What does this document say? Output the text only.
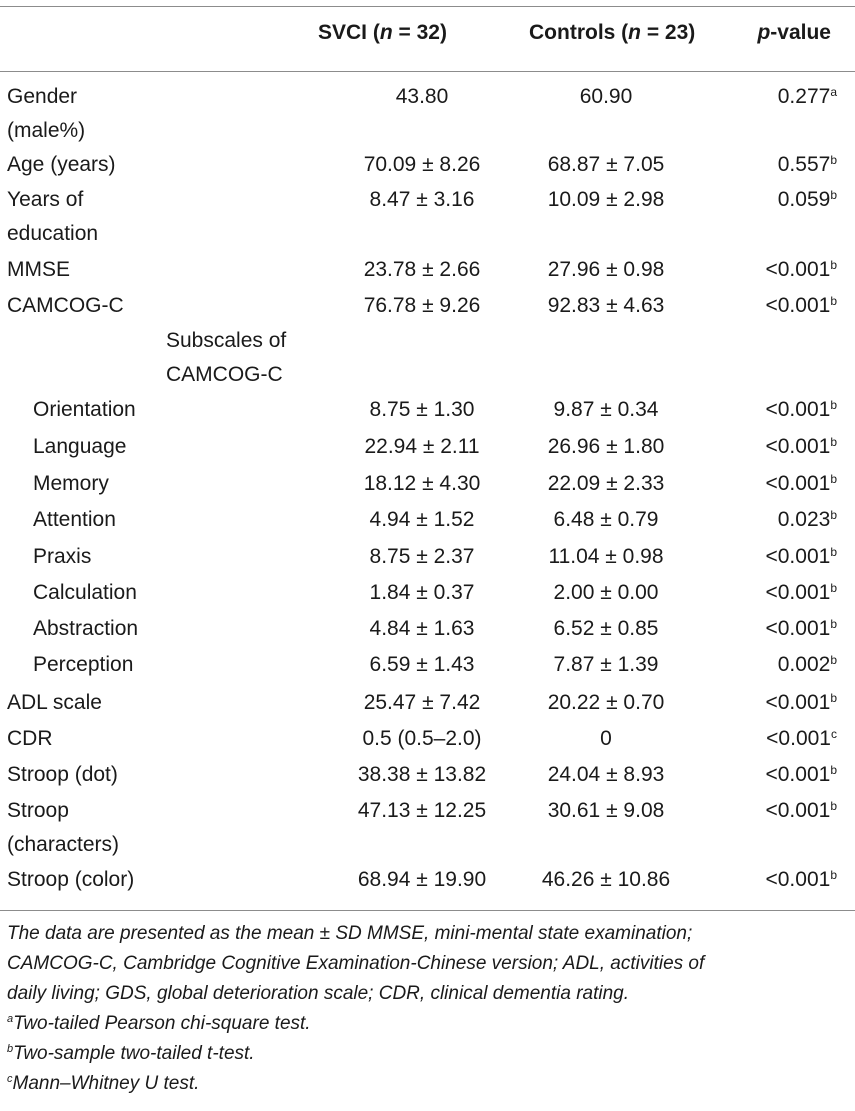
SVCI (n = 32)	Controls (n = 23)	p-value
Gender
(male%)
43.80	60.90	0.277$^a$
Age (years)	70.09 ± 8.26	68.87 ± 7.05	0.557$^b$
Years of
education
8.47 ± 3.16	10.09 ± 2.98	0.059$^b$
MMSE	23.78 ± 2.66	27.96 ± 0.98	<0.001$^b$
CAMCOG-C	76.78 ± 9.26	92.83 ± 4.63	<0.001$^b$
Subscales of
CAMCOG-C
Orientation	8.75 ± 1.30	9.87 ± 0.34	<0.001$^b$
Language	22.94 ± 2.11	26.96 ± 1.80	<0.001$^b$
Memory	18.12 ± 4.30	22.09 ± 2.33	<0.001$^b$
Attention	4.94 ± 1.52	6.48 ± 0.79	0.023$^b$
Praxis	8.75 ± 2.37	11.04 ± 0.98	<0.001$^b$
Calculation	1.84 ± 0.37	2.00 ± 0.00	<0.001$^b$
Abstraction	4.84 ± 1.63	6.52 ± 0.85	<0.001$^b$
Perception	6.59 ± 1.43	7.87 ± 1.39	0.002$^b$
ADL scale	25.47 ± 7.42	20.22 ± 0.70	<0.001$^b$
CDR	0.5 (0.5–2.0)	0	<0.001$^c$
Stroop (dot)	38.38 ± 13.82	24.04 ± 8.93	<0.001$^b$
Stroop
(characters)
47.13 ± 12.25	30.61 ± 9.08	<0.001$^b$
Stroop (color)	68.94 ± 19.90	46.26 ± 10.86	<0.001$^b$
The data are presented as the mean ± SD MMSE, mini-mental state examination;
CAMCOG-C, Cambridge Cognitive Examination-Chinese version; ADL, activities of
daily living; GDS, global deterioration scale; CDR, clinical dementia rating.
$^a$Two-tailed Pearson chi-square test.
$^b$Two-sample two-tailed t-test.
$^c$Mann–Whitney U test.
